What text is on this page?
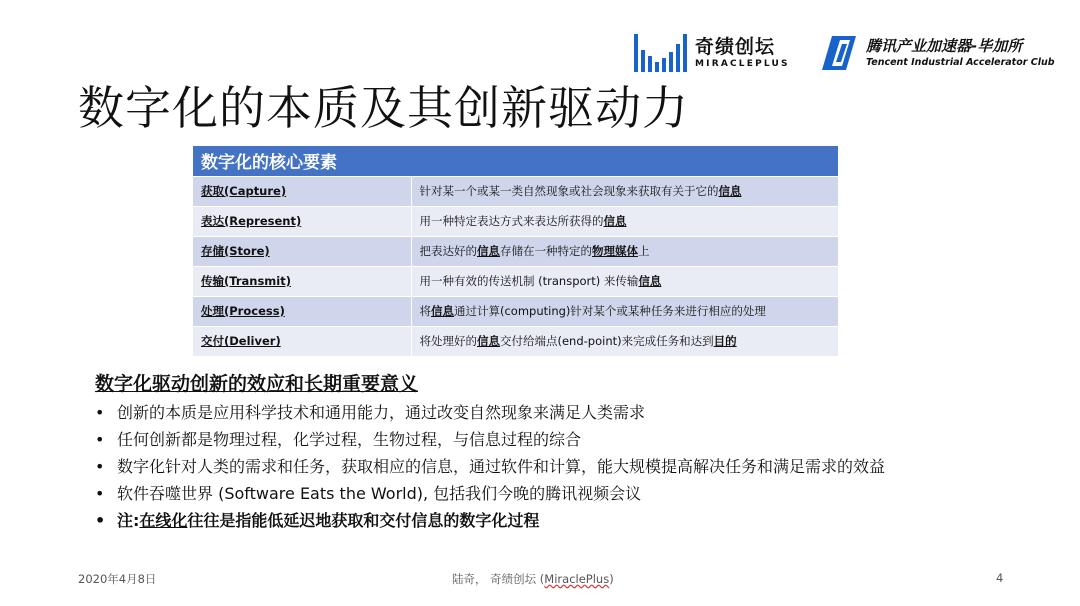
奇绩创坛
MIRACLEPLUS
腾讯产业加速器-毕加所
Tencent Industrial Accelerator Club
数字化的本质及其创新驱动力
数字化的核心要素	
获取(Capture)	针对某一个或某一类自然现象或社会现象来获取有关于它的信息
表达(Represent)	用一种特定表达方式来表达所获得的信息
存储(Store)	把表达好的信息存储在一种特定的物理媒体上
传输(Transmit)	用一种有效的传送机制 (transport) 来传输信息
处理(Process)	将信息通过计算(computing)针对某个或某种任务来进行相应的处理
交付(Deliver)	将处理好的信息交付给端点(end-point)来完成任务和达到目的
数字化驱动创新的效应和长期重要意义
• 创新的本质是应用科学技术和通用能力，通过改变自然现象来满足人类需求
• 任何创新都是物理过程，化学过程，生物过程，与信息过程的综合
• 数字化针对人类的需求和任务，获取相应的信息，通过软件和计算，能大规模提高解决任务和满足需求的效益
• 软件吞噬世界 (Software Eats the World), 包括我们今晚的腾讯视频会议
• 注: 在线化 往往是指能低延迟地获取和交付信息的数字化过程
2020年4月8日	陆奇， 奇绩创坛 (MiraclePlus)	4
